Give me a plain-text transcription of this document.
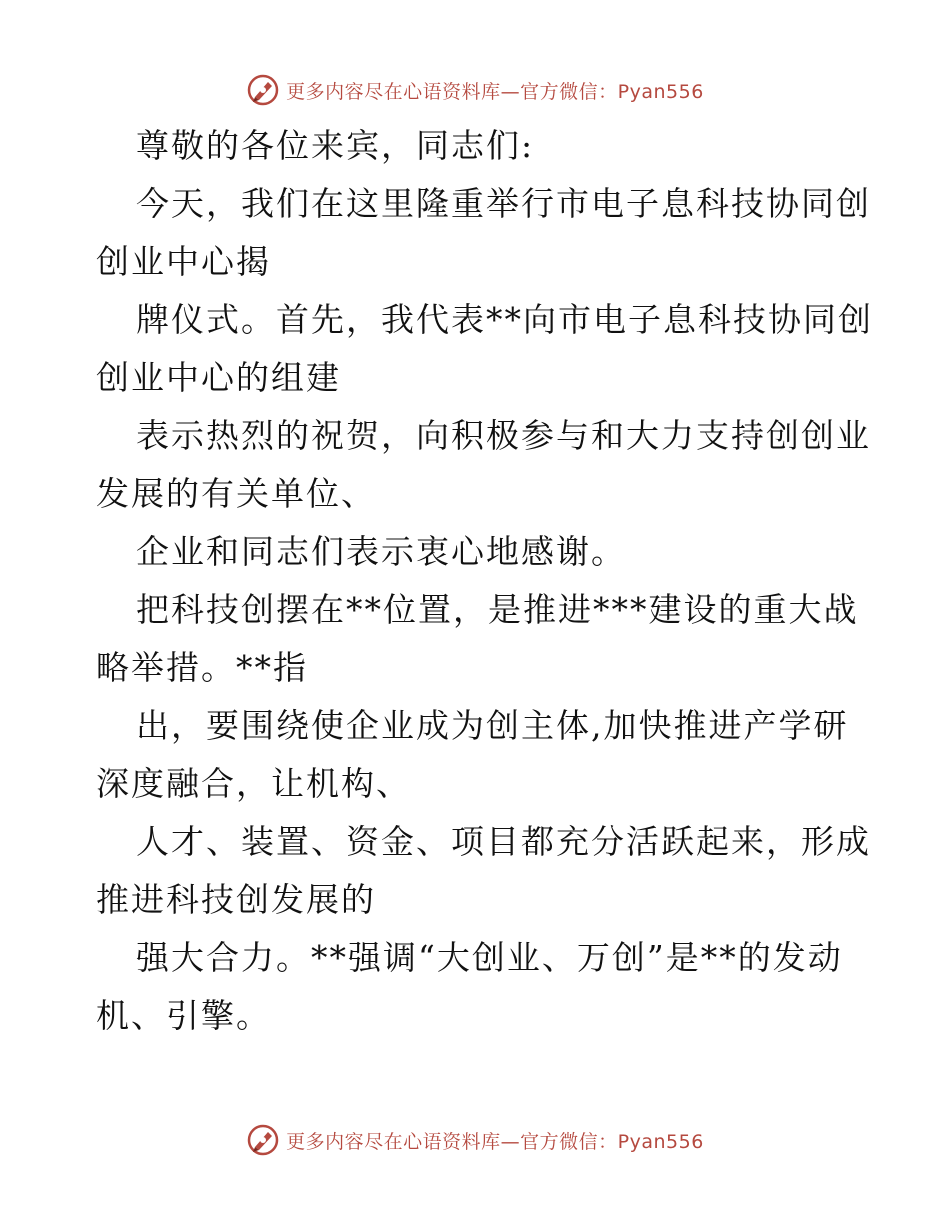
更多内容尽在心语资料库—官方微信：Pyan556
尊敬的各位来宾，同志们:
今天，我们在这里隆重举行市电子息科技协同创
创业中心揭
牌仪式。首先，我代表**向市电子息科技协同创
创业中心的组建
表示热烈的祝贺，向积极参与和大力支持创创业
发展的有关单位、
企业和同志们表示衷心地感谢。
把科技创摆在**位置，是推进***建设的重大战
略举措。**指
出，要围绕使企业成为创主体,加快推进产学研
深度融合，让机构、
人才、装置、资金、项目都充分活跃起来，形成
推进科技创发展的
强大合力。**强调“大创业、万创”是**的发动
机、引擎。
更多内容尽在心语资料库—官方微信：Pyan556
